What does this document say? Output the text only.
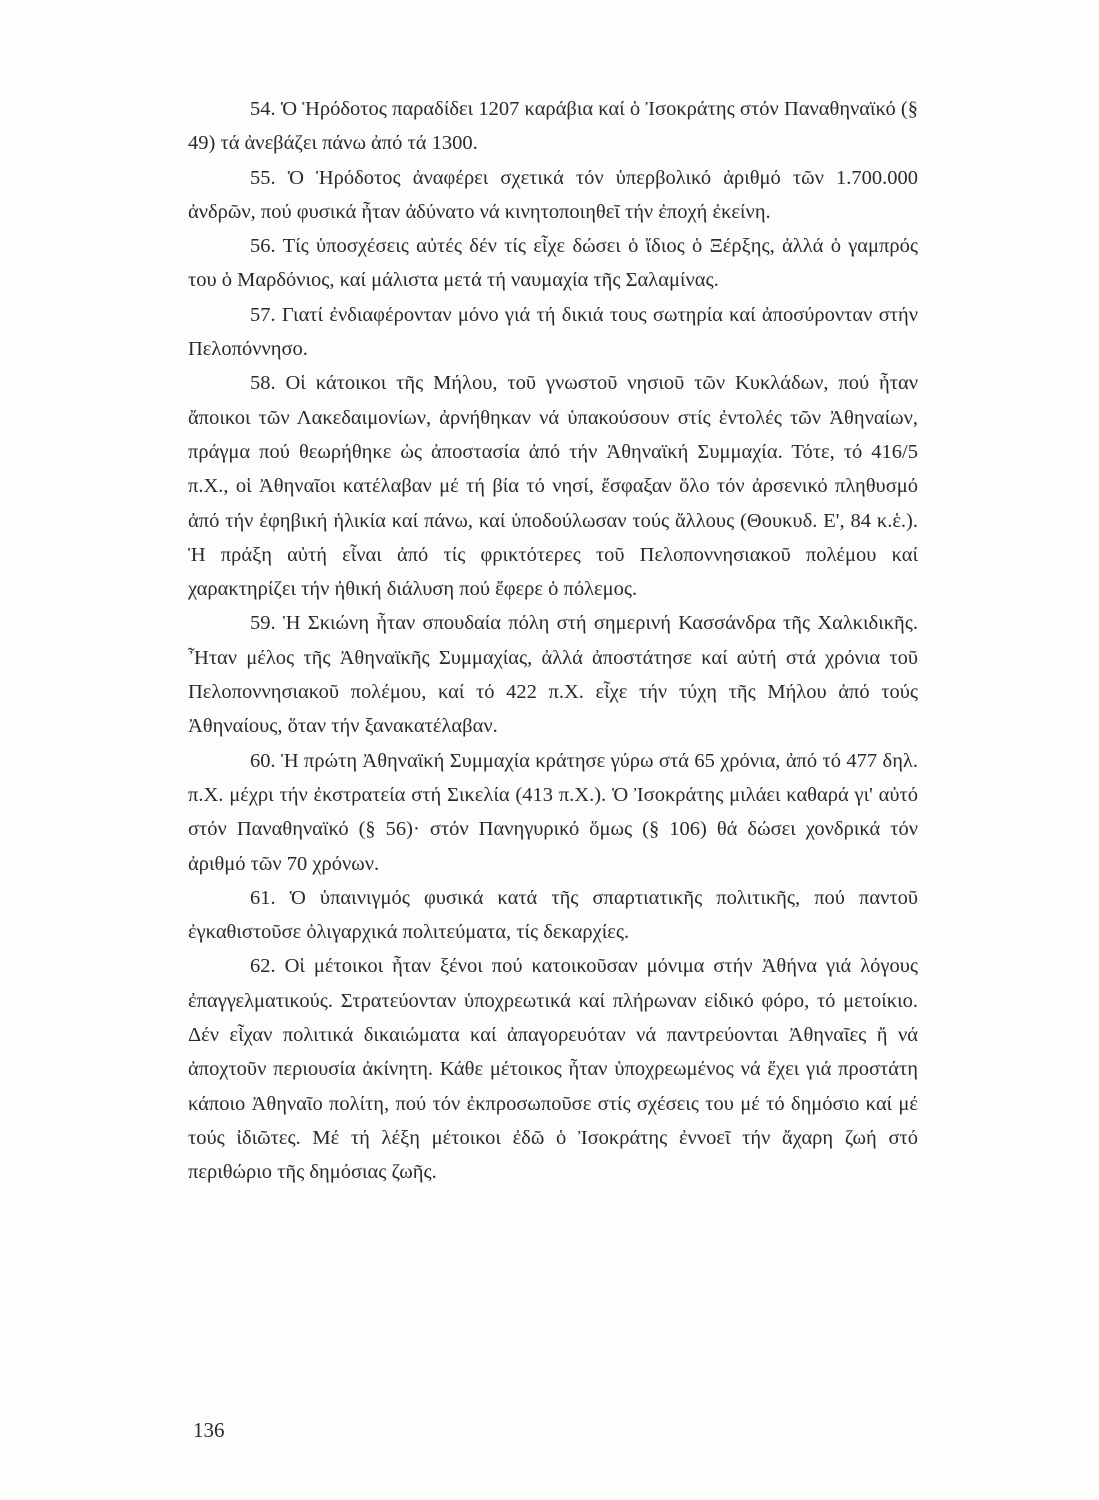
54. Ὁ Ἡρόδοτος παραδίδει 1207 καράβια καί ὁ Ἰσοκράτης στόν Παναθηναϊκό (§ 49) τά ἀνεβάζει πάνω ἀπό τά 1300.

55. Ὁ Ἡρόδοτος ἀναφέρει σχετικά τόν ὑπερβολικό ἀριθμό τῶν 1.700.000 ἀνδρῶν, πού φυσικά ἦταν ἀδύνατο νά κινητοποιηθεῖ τήν ἐποχή ἐκείνη.

56. Τίς ὑποσχέσεις αὐτές δέν τίς εἶχε δώσει ὁ ἴδιος ὁ Ξέρξης, ἀλλά ὁ γαμπρός του ὁ Μαρδόνιος, καί μάλιστα μετά τή ναυμαχία τῆς Σαλαμίνας.

57. Γιατί ἐνδιαφέρονταν μόνο γιά τή δικιά τους σωτηρία καί ἀποσύρονταν στήν Πελοπόννησο.

58. Οἱ κάτοικοι τῆς Μήλου, τοῦ γνωστοῦ νησιοῦ τῶν Κυκλάδων, πού ἦταν ἄποικοι τῶν Λακεδαιμονίων, ἀρνήθηκαν νά ὑπακούσουν στίς ἐντολές τῶν Ἀθηναίων, πράγμα πού θεωρήθηκε ὡς ἀποστασία ἀπό τήν Ἀθηναϊκή Συμμαχία. Τότε, τό 416/5 π.Χ., οἱ Ἀθηναῖοι κατέλαβαν μέ τή βία τό νησί, ἔσφαξαν ὅλο τόν ἀρσενικό πληθυσμό ἀπό τήν ἐφηβική ἡλικία καί πάνω, καί ὑποδούλωσαν τούς ἄλλους (Θουκυδ. Ε', 84 κ.ἑ.). Ἡ πράξη αὐτή εἶναι ἀπό τίς φρικτότερες τοῦ Πελοποννησιακοῦ πολέμου καί χαρακτηρίζει τήν ἠθική διάλυση πού ἔφερε ὁ πόλεμος.

59. Ἡ Σκιώνη ἦταν σπουδαία πόλη στή σημερινή Κασσάνδρα τῆς Χαλκιδικῆς. Ἦταν μέλος τῆς Ἀθηναϊκῆς Συμμαχίας, ἀλλά ἀποστάτησε καί αὐτή στά χρόνια τοῦ Πελοποννησιακοῦ πολέμου, καί τό 422 π.Χ. εἶχε τήν τύχη τῆς Μήλου ἀπό τούς Ἀθηναίους, ὅταν τήν ξανακατέλαβαν.

60. Ἡ πρώτη Ἀθηναϊκή Συμμαχία κράτησε γύρω στά 65 χρόνια, ἀπό τό 477 δηλ. π.Χ. μέχρι τήν ἐκστρατεία στή Σικελία (413 π.Χ.). Ὁ Ἰσοκράτης μιλάει καθαρά γι' αὐτό στόν Παναθηναϊκό (§ 56)· στόν Πανηγυρικό ὅμως (§ 106) θά δώσει χονδρικά τόν ἀριθμό τῶν 70 χρόνων.

61. Ὁ ὑπαινιγμός φυσικά κατά τῆς σπαρτιατικῆς πολιτικῆς, πού παντοῦ ἐγκαθιστοῦσε ὀλιγαρχικά πολιτεύματα, τίς δεκαρχίες.

62. Οἱ μέτοικοι ἦταν ξένοι πού κατοικοῦσαν μόνιμα στήν Ἀθήνα γιά λόγους ἐπαγγελματικούς. Στρατεύονταν ὑποχρεωτικά καί πλήρωναν εἰδικό φόρο, τό μετοίκιο. Δέν εἶχαν πολιτικά δικαιώματα καί ἀπαγορευόταν νά παντρεύονται Ἀθηναῖες ἤ νά ἀποχτοῦν περιουσία ἀκίνητη. Κάθε μέτοικος ἦταν ὑποχρεωμένος νά ἔχει γιά προστάτη κάποιο Ἀθηναῖο πολίτη, πού τόν ἐκπροσωποῦσε στίς σχέσεις του μέ τό δημόσιο καί μέ τούς ἰδιῶτες. Μέ τή λέξη μέτοικοι ἐδῶ ὁ Ἰσοκράτης ἐννοεῖ τήν ἄχαρη ζωή στό περιθώριο τῆς δημόσιας ζωῆς.

136
